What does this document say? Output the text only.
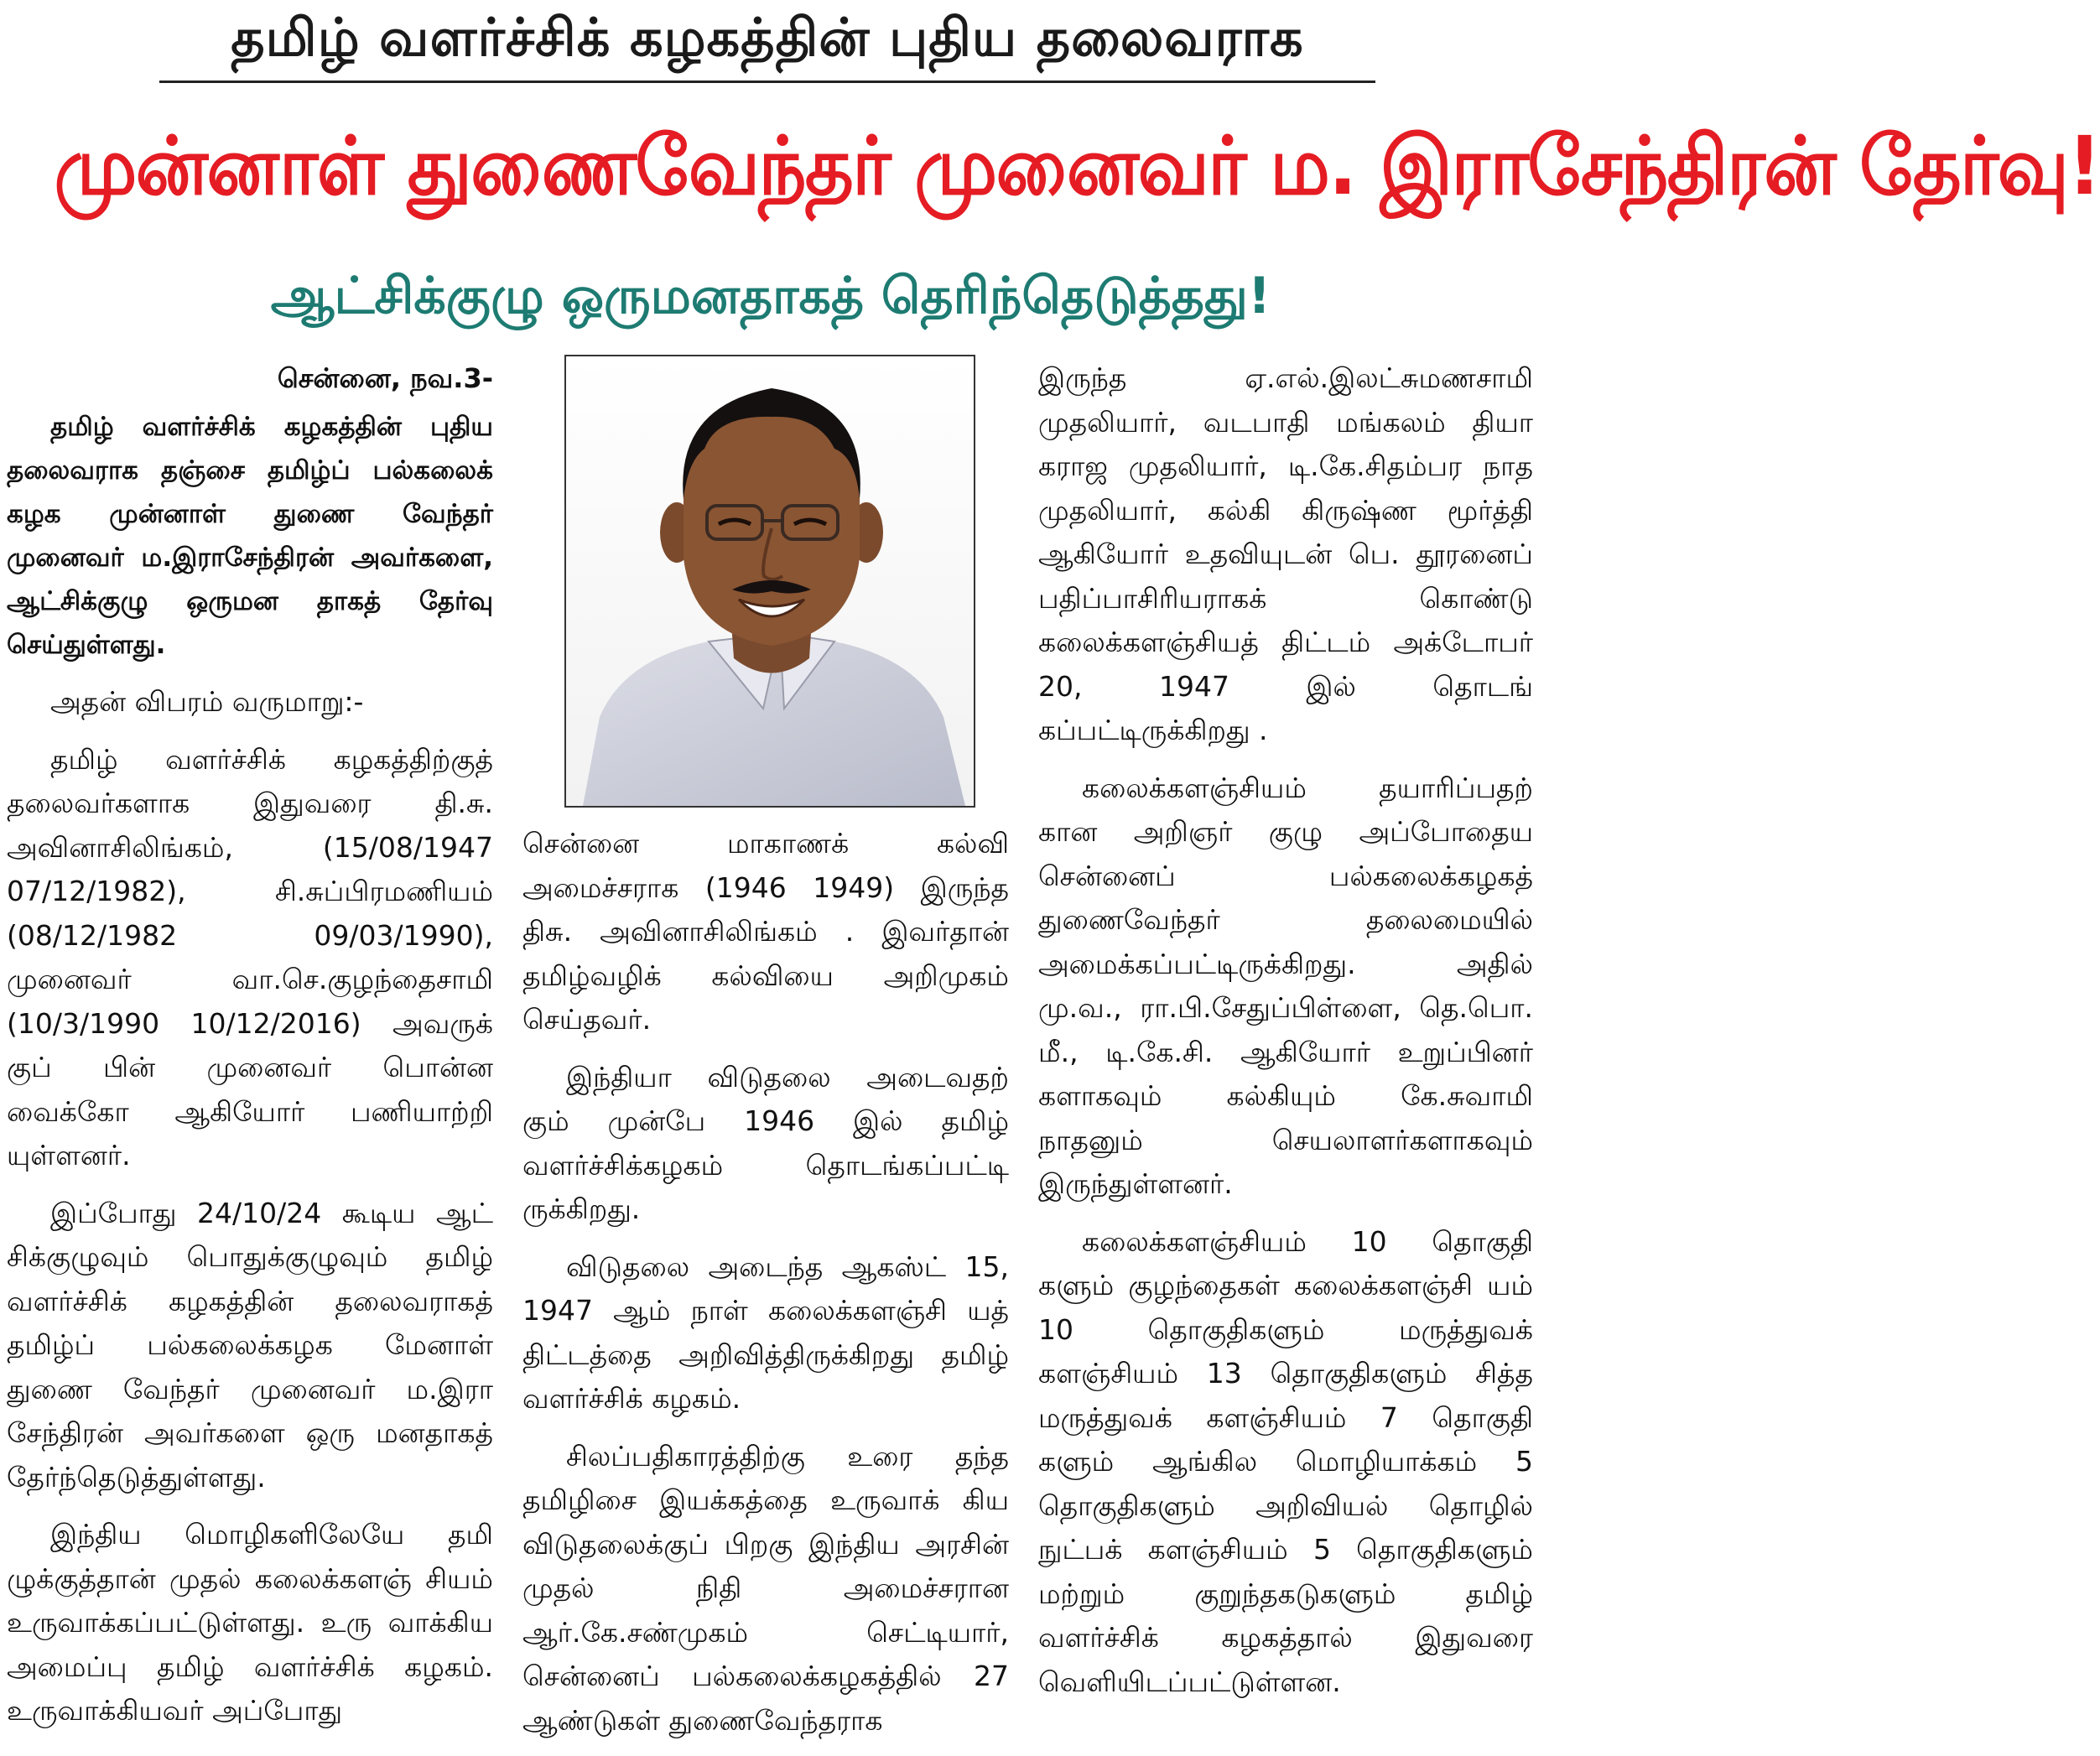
தமிழ் வளர்ச்சிக் கழகத்தின் புதிய தலைவராக
முன்னாள் துணைவேந்தர் முனைவர் ம. இராசேந்திரன் தேர்வு!
ஆட்சிக்குழு ஒருமனதாகத் தெரிந்தெடுத்தது!
சென்னை, நவ.3-

தமிழ் வளர்ச்சிக் கழகத்தின் புதிய தலைவராக தஞ்சை தமிழ்ப் பல்கலைக் கழக முன்னாள் துணை வேந்தர் முனைவர் ம.இராசேந்திரன் அவர்களை, ஆட்சிக்குழு ஒருமன தாகத் தேர்வு செய்துள்ளது.

அதன் விபரம் வருமாறு:-

தமிழ் வளர்ச்சிக் கழகத்திற்குத் தலைவர்களாக இதுவரை தி.சு. அவினாசிலிங்கம், (15/08/1947 07/12/1982), சி.சுப்பிரமணியம் (08/12/1982 09/03/1990), முனைவர் வா.செ.குழந்தைசாமி (10/3/1990 10/12/2016) அவருக் குப் பின் முனைவர் பொன்ன வைக்கோ ஆகியோர் பணியாற்றி யுள்ளனர்.

இப்போது 24/10/24 கூடிய ஆட் சிக்குழுவும் பொதுக்குழுவும் தமிழ் வளர்ச்சிக் கழகத்தின் தலைவராகத் தமிழ்ப் பல்கலைக்கழக மேனாள் துணை வேந்தர் முனைவர் ம.இரா சேந்திரன் அவர்களை ஒரு மனதாகத் தேர்ந்தெடுத்துள்ளது.

இந்திய மொழிகளிலேயே தமி ழுக்குத்தான் முதல் கலைக்களஞ் சியம் உருவாக்கப்பட்டுள்ளது. உரு வாக்கிய அமைப்பு தமிழ் வளர்ச்சிக் கழகம். உருவாக்கியவர் அப்போது

சென்னை மாகாணக் கல்வி அமைச்சராக (1946 1949) இருந்த திசு. அவினாசிலிங்கம் . இவர்தான் தமிழ்வழிக் கல்வியை அறிமுகம் செய்தவர்.

இந்தியா விடுதலை அடைவதற் கும் முன்பே 1946 இல் தமிழ் வளர்ச்சிக்கழகம் தொடங்கப்பட்டி ருக்கிறது.

விடுதலை அடைந்த ஆகஸ்ட் 15, 1947 ஆம் நாள் கலைக்களஞ்சி யத் திட்டத்தை அறிவித்திருக்கிறது தமிழ் வளர்ச்சிக் கழகம்.

சிலப்பதிகாரத்திற்கு உரை தந்த தமிழிசை இயக்கத்தை உருவாக் கிய விடுதலைக்குப் பிறகு இந்திய அரசின் முதல் நிதி அமைச்சரான ஆர்.கே.சண்முகம் செட்டியார், சென்னைப் பல்கலைக்கழகத்தில் 27 ஆண்டுகள் துணைவேந்தராக

இருந்த ஏ.எல்.இலட்சுமணசாமி முதலியார், வடபாதி மங்கலம் தியா கராஜ முதலியார், டி.கே.சிதம்பர நாத முதலியார், கல்கி கிருஷ்ண மூர்த்தி ஆகியோர் உதவியுடன் பெ. தூரனைப் பதிப்பாசிரியராகக் கொண்டு கலைக்களஞ்சியத் திட்டம் அக்டோபர் 20, 1947 இல் தொடங் கப்பட்டிருக்கிறது .

கலைக்களஞ்சியம் தயாரிப்பதற் கான அறிஞர் குழு அப்போதைய சென்னைப் பல்கலைக்கழகத் துணைவேந்தர் தலைமையில் அமைக்கப்பட்டிருக்கிறது. அதில் மு.வ., ரா.பி.சேதுப்பிள்ளை, தெ.பொ. மீ., டி.கே.சி. ஆகியோர் உறுப்பினர் களாகவும் கல்கியும் கே.சுவாமி நாதனும் செயலாளர்களாகவும் இருந்துள்ளனர்.

கலைக்களஞ்சியம் 10 தொகுதி களும் குழந்தைகள் கலைக்களஞ்சி யம் 10 தொகுதிகளும் மருத்துவக் களஞ்சியம் 13 தொகுதிகளும் சித்த மருத்துவக் களஞ்சியம் 7 தொகுதி களும் ஆங்கில மொழியாக்கம் 5 தொகுதிகளும் அறிவியல் தொழில் நுட்பக் களஞ்சியம் 5 தொகுதிகளும் மற்றும் குறுந்தகடுகளும் தமிழ் வளர்ச்சிக் கழகத்தால் இதுவரை வெளியிடப்பட்டுள்ளன.
